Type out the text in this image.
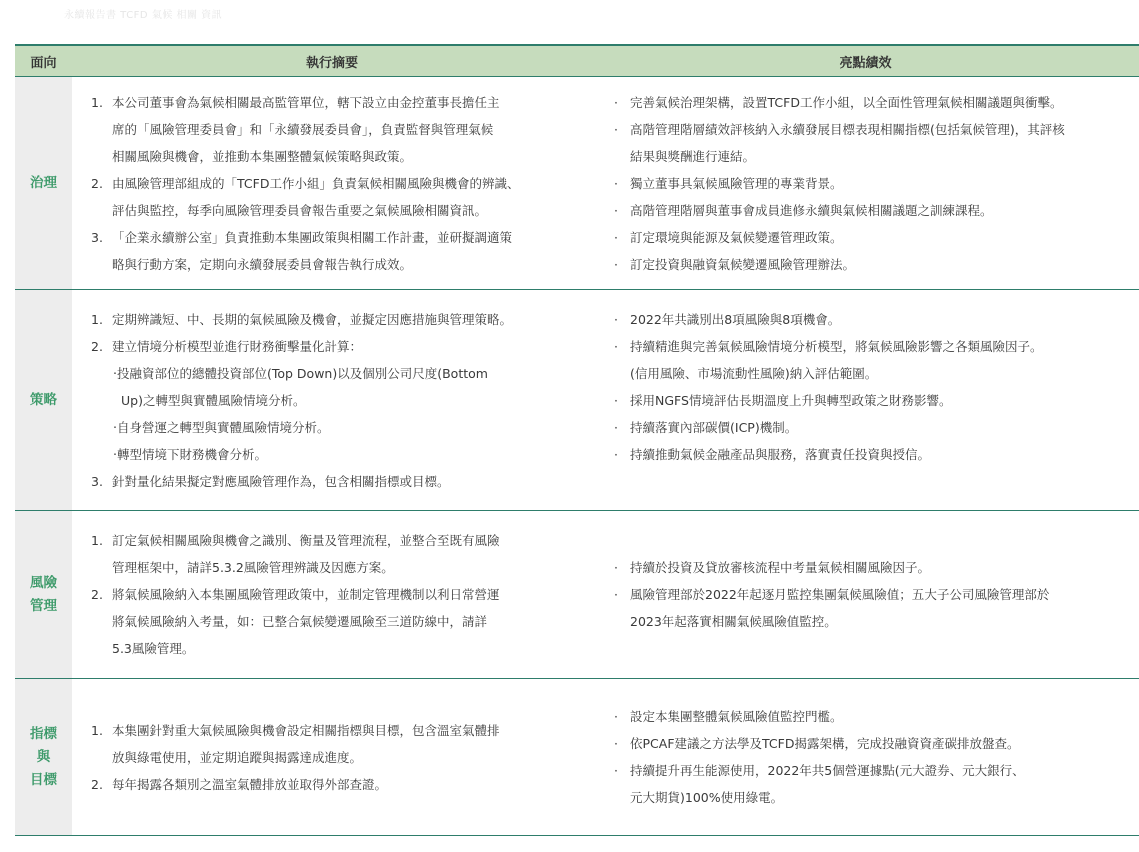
永續報告書 TCFD 氣候 相關 資訊
面向	執行摘要	亮點績效
治理
1. 本公司董事會為氣候相關最高監管單位，轄下設立由金控董事長擔任主
席的「風險管理委員會」和「永續發展委員會」，負責監督與管理氣候
相關風險與機會，並推動本集團整體氣候策略與政策。
2. 由風險管理部組成的「TCFD工作小組」負責氣候相關風險與機會的辨識、
評估與監控，每季向風險管理委員會報告重要之氣候風險相關資訊。
3. 「企業永續辦公室」負責推動本集團政策與相關工作計畫，並研擬調適策
略與行動方案，定期向永續發展委員會報告執行成效。
· 完善氣候治理架構，設置TCFD工作小組，以全面性管理氣候相關議題與衝擊。
· 高階管理階層績效評核納入永續發展目標表現相關指標(包括氣候管理)，其評核
結果與獎酬進行連結。
· 獨立董事具氣候風險管理的專業背景。
· 高階管理階層與董事會成員進修永續與氣候相關議題之訓練課程。
· 訂定環境與能源及氣候變遷管理政策。
· 訂定投資與融資氣候變遷風險管理辦法。
策略
1. 定期辨識短、中、長期的氣候風險及機會，並擬定因應措施與管理策略。
2. 建立情境分析模型並進行財務衝擊量化計算：
‧投融資部位的總體投資部位(Top Down)以及個別公司尺度(Bottom
Up)之轉型與實體風險情境分析。
‧自身營運之轉型與實體風險情境分析。
‧轉型情境下財務機會分析。
3. 針對量化結果擬定對應風險管理作為，包含相關指標或目標。
· 2022年共識別出8項風險與8項機會。
· 持續精進與完善氣候風險情境分析模型，將氣候風險影響之各類風險因子。
(信用風險、市場流動性風險)納入評估範圍。
· 採用NGFS情境評估長期溫度上升與轉型政策之財務影響。
· 持續落實內部碳價(ICP)機制。
· 持續推動氣候金融產品與服務，落實責任投資與授信。
風險
管理
1. 訂定氣候相關風險與機會之識別、衡量及管理流程，並整合至既有風險
管理框架中，請詳5.3.2風險管理辨識及因應方案。
2. 將氣候風險納入本集團風險管理政策中，並制定管理機制以利日常營運
將氣候風險納入考量，如：已整合氣候變遷風險至三道防線中，請詳
5.3風險管理。
· 持續於投資及貸放審核流程中考量氣候相關風險因子。
· 風險管理部於2022年起逐月監控集團氣候風險值；五大子公司風險管理部於
2023年起落實相關氣候風險值監控。
指標
與
目標
1. 本集團針對重大氣候風險與機會設定相關指標與目標，包含溫室氣體排
放與綠電使用，並定期追蹤與揭露達成進度。
2. 每年揭露各類別之溫室氣體排放並取得外部查證。
· 設定本集團整體氣候風險值監控門檻。
· 依PCAF建議之方法學及TCFD揭露架構，完成投融資資產碳排放盤查。
· 持續提升再生能源使用，2022年共5個營運據點(元大證券、元大銀行、
元大期貨)100%使用綠電。
